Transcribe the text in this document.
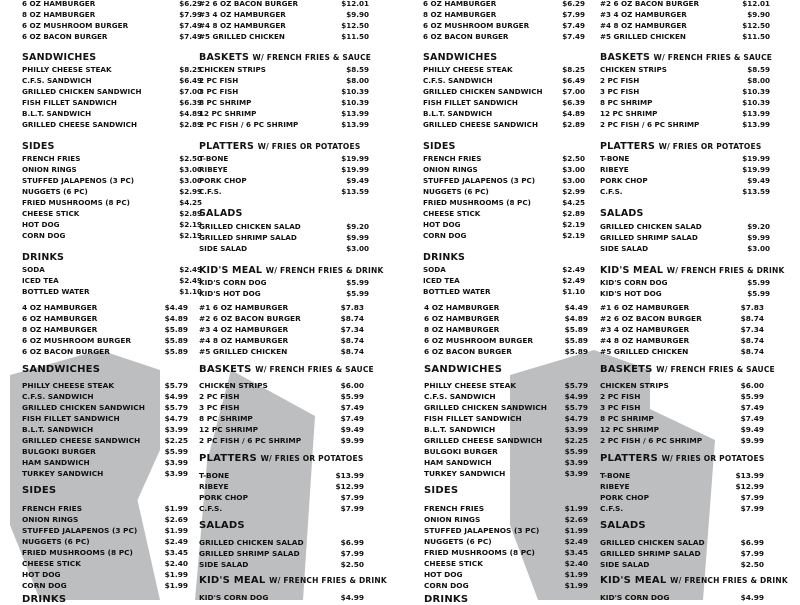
6 OZ HAMBURGER	$6.29
8 OZ HAMBURGER	$7.99
6 OZ MUSHROOM BURGER	$7.49
6 OZ BACON BURGER	$7.49
SANDWICHES
PHILLY CHEESE STEAK	$8.25
C.F.S. SANDWICH	$6.49
GRILLED CHICKEN SANDWICH	$7.00
FISH FILLET SANDWICH	$6.39
B.L.T. SANDWICH	$4.89
GRILLED CHEESE SANDWICH	$2.89
SIDES
FRENCH FRIES	$2.50
ONION RINGS	$3.00
STUFFED JALAPENOS (3 PC)	$3.00
NUGGETS (6 PC)	$2.99
FRIED MUSHROOMS (8 PC)	$4.25
CHEESE STICK	$2.89
HOT DOG	$2.19
CORN DOG	$2.19
DRINKS
SODA	$2.49
ICED TEA	$2.49
BOTTLED WATER	$1.10
#2 6 OZ BACON BURGER	$12.01
#3 4 OZ HAMBURGER	$9.90
#4 8 OZ HAMBURGER	$12.50
#5 GRILLED CHICKEN	$11.50
BASKETS W/ FRENCH FRIES & SAUCE
CHICKEN STRIPS	$8.59
2 PC FISH	$8.00
3 PC FISH	$10.39
8 PC SHRIMP	$10.39
12 PC SHRIMP	$13.99
2 PC FISH / 6 PC SHRIMP	$13.99
PLATTERS W/ FRIES OR POTATOES
T-BONE	$19.99
RIBEYE	$19.99
PORK CHOP	$9.49
C.F.S.	$13.59
SALADS
GRILLED CHICKEN SALAD	$9.20
GRILLED SHRIMP SALAD	$9.99
SIDE SALAD	$3.00
KID'S MEAL W/ FRENCH FRIES & DRINK
KID'S CORN DOG	$5.99
KID'S HOT DOG	$5.99
4 OZ HAMBURGER	$4.49
6 OZ HAMBURGER	$4.89
8 OZ HAMBURGER	$5.89
6 OZ MUSHROOM BURGER	$5.89
6 OZ BACON BURGER	$5.89
SANDWICHES
PHILLY CHEESE STEAK	$5.79
C.F.S. SANDWICH	$4.99
GRILLED CHICKEN SANDWICH	$5.79
FISH FILLET SANDWICH	$4.79
B.L.T. SANDWICH	$3.99
GRILLED CHEESE SANDWICH	$2.25
BULGOKI BURGER	$5.99
HAM SANDWICH	$3.99
TURKEY SANDWICH	$3.99
SIDES
FRENCH FRIES	$1.99
ONION RINGS	$2.69
STUFFED JALAPENOS (3 PC)	$1.99
NUGGETS (6 PC)	$2.49
FRIED MUSHROOMS (8 PC)	$3.45
CHEESE STICK	$2.40
HOT DOG	$1.99
CORN DOG	$1.99
DRINKS
#1 6 OZ HAMBURGER	$7.83
#2 6 OZ BACON BURGER	$8.74
#3 4 OZ HAMBURGER	$7.34
#4 8 OZ HAMBURGER	$8.74
#5 GRILLED CHICKEN	$8.74
BASKETS W/ FRENCH FRIES & SAUCE
CHICKEN STRIPS	$6.00
2 PC FISH	$5.99
3 PC FISH	$7.49
8 PC SHRIMP	$7.49
12 PC SHRIMP	$9.49
2 PC FISH / 6 PC SHRIMP	$9.99
PLATTERS W/ FRIES OR POTATOES
T-BONE	$13.99
RIBEYE	$12.99
PORK CHOP	$7.99
C.F.S.	$7.99
SALADS
GRILLED CHICKEN SALAD	$6.99
GRILLED SHRIMP SALAD	$7.99
SIDE SALAD	$2.50
KID'S MEAL W/ FRENCH FRIES & DRINK
KID'S CORN DOG	$4.99
6 OZ HAMBURGER	$6.29
8 OZ HAMBURGER	$7.99
6 OZ MUSHROOM BURGER	$7.49
6 OZ BACON BURGER	$7.49
SANDWICHES
PHILLY CHEESE STEAK	$8.25
C.F.S. SANDWICH	$6.49
GRILLED CHICKEN SANDWICH	$7.00
FISH FILLET SANDWICH	$6.39
B.L.T. SANDWICH	$4.89
GRILLED CHEESE SANDWICH	$2.89
SIDES
FRENCH FRIES	$2.50
ONION RINGS	$3.00
STUFFED JALAPENOS (3 PC)	$3.00
NUGGETS (6 PC)	$2.99
FRIED MUSHROOMS (8 PC)	$4.25
CHEESE STICK	$2.89
HOT DOG	$2.19
CORN DOG	$2.19
DRINKS
SODA	$2.49
ICED TEA	$2.49
BOTTLED WATER	$1.10
#2 6 OZ BACON BURGER	$12.01
#3 4 OZ HAMBURGER	$9.90
#4 8 OZ HAMBURGER	$12.50
#5 GRILLED CHICKEN	$11.50
BASKETS W/ FRENCH FRIES & SAUCE
CHICKEN STRIPS	$8.59
2 PC FISH	$8.00
3 PC FISH	$10.39
8 PC SHRIMP	$10.39
12 PC SHRIMP	$13.99
2 PC FISH / 6 PC SHRIMP	$13.99
PLATTERS W/ FRIES OR POTATOES
T-BONE	$19.99
RIBEYE	$19.99
PORK CHOP	$9.49
C.F.S.	$13.59
SALADS
GRILLED CHICKEN SALAD	$9.20
GRILLED SHRIMP SALAD	$9.99
SIDE SALAD	$3.00
KID'S MEAL W/ FRENCH FRIES & DRINK
KID'S CORN DOG	$5.99
KID'S HOT DOG	$5.99
4 OZ HAMBURGER	$4.49
6 OZ HAMBURGER	$4.89
8 OZ HAMBURGER	$5.89
6 OZ MUSHROOM BURGER	$5.89
6 OZ BACON BURGER	$5.89
SANDWICHES
PHILLY CHEESE STEAK	$5.79
C.F.S. SANDWICH	$4.99
GRILLED CHICKEN SANDWICH $5.79
FISH FILLET SANDWICH	$4.79
B.L.T. SANDWICH	$3.99
GRILLED CHEESE SANDWICH	$2.25
BULGOKI BURGER	$5.99
HAM SANDWICH	$3.99
TURKEY SANDWICH	$3.99
SIDES
FRENCH FRIES	$1.99
ONION RINGS	$2.69
STUFFED JALAPENOS (3 PC)	$1.99
NUGGETS (6 PC)	$2.49
FRIED MUSHROOMS (8 PC)	$3.45
CHEESE STICK	$2.40
HOT DOG	$1.99
CORN DOG	$1.99
DRINKS
#1 6 OZ HAMBURGER	$7.83
#2 6 OZ BACON BURGER	$8.74
#3 4 OZ HAMBURGER	$7.34
#4 8 OZ HAMBURGER	$8.74
#5 GRILLED CHICKEN	$8.74
BASKETS W/ FRENCH FRIES & SAUCE
CHICKEN STRIPS	$6.00
2 PC FISH	$5.99
3 PC FISH	$7.49
8 PC SHRIMP	$7.49
12 PC SHRIMP	$9.49
2 PC FISH / 6 PC SHRIMP	$9.99
PLATTERS W/ FRIES OR POTATOES
T-BONE	$13.99
RIBEYE	$12.99
PORK CHOP	$7.99
C.F.S.	$7.99
SALADS
GRILLED CHICKEN SALAD	$6.99
GRILLED SHRIMP SALAD	$7.99
SIDE SALAD	$2.50
KID'S MEAL W/ FRENCH FRIES & DRINK
KID'S CORN DOG	$4.99
